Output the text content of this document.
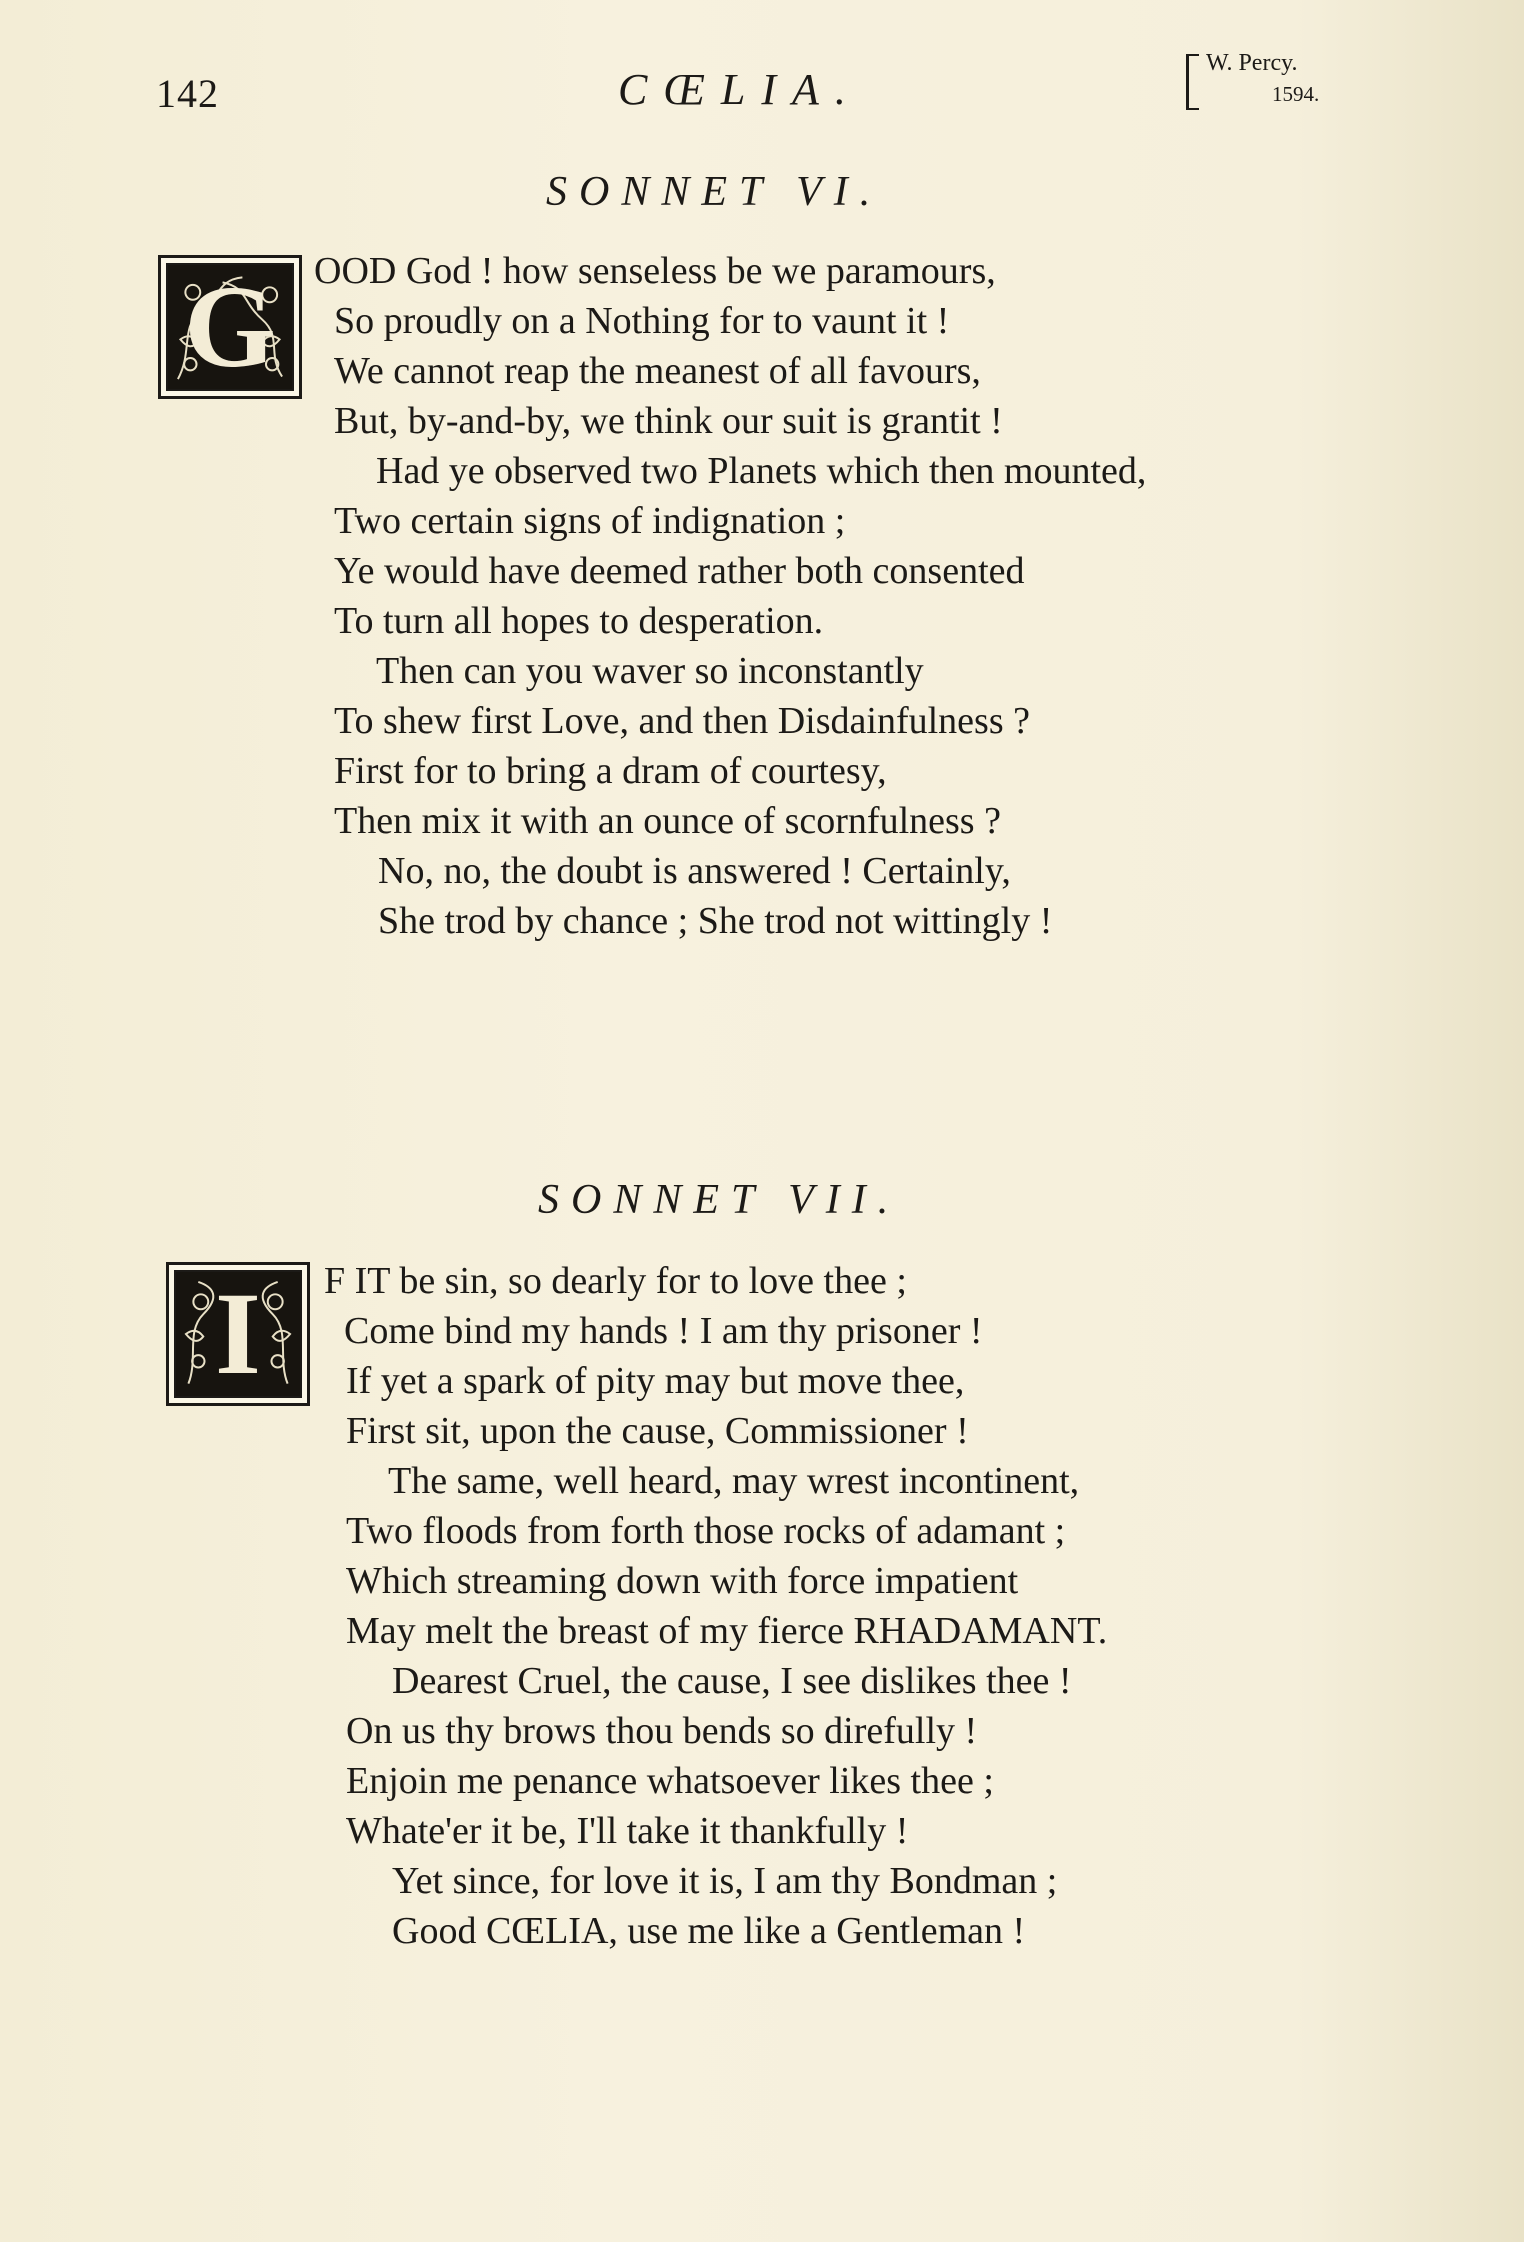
142	CŒLIA.
W. Percy.
1594.
SONNET VI.
G	OOD God ! how senseless be we paramours,
So proudly on a Nothing for to vaunt it !
We cannot reap the meanest of all favours,
But, by-and-by, we think our suit is grantit !
Had ye observed two Planets which then mounted,
Two certain signs of indignation ;
Ye would have deemed rather both consented
To turn all hopes to desperation.
Then can you waver so inconstantly
To shew first Love, and then Disdainfulness ?
First for to bring a dram of courtesy,
Then mix it with an ounce of scornfulness ?
No, no, the doubt is answered ! Certainly,
She trod by chance ; She trod not wittingly !
SONNET VII.
I	F IT be sin, so dearly for to love thee ;
Come bind my hands ! I am thy prisoner !
If yet a spark of pity may but move thee,
First sit, upon the cause, Commissioner !
The same, well heard, may wrest incontinent,
Two floods from forth those rocks of adamant ;
Which streaming down with force impatient
May melt the breast of my fierce RHADAMANT.
Dearest Cruel, the cause, I see dislikes thee !
On us thy brows thou bends so direfully !
Enjoin me penance whatsoever likes thee ;
Whate'er it be, I'll take it thankfully !
Yet since, for love it is, I am thy Bondman ;
Good CŒLIA, use me like a Gentleman !
